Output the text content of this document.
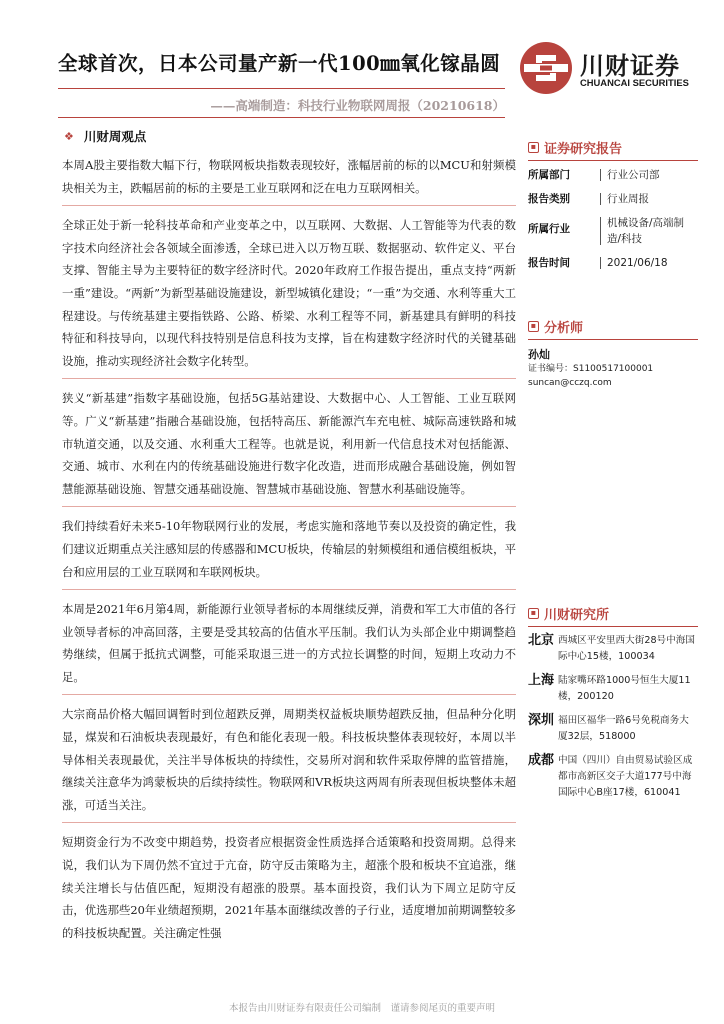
全球首次，日本公司量产新一代100㎜氧化镓晶圆	川财证券
CHUANCAI SECURITIES
——高端制造：科技行业物联网周报（20210618）
❖ 川财周观点

本周A股主要指数大幅下行，物联网板块指数表现较好，涨幅居前的标的以MCU和射频模块相关为主，跌幅居前的标的主要是工业互联网和泛在电力互联网相关。

全球正处于新一轮科技革命和产业变革之中，以互联网、大数据、人工智能等为代表的数字技术向经济社会各领域全面渗透，全球已进入以万物互联、数据驱动、软件定义、平台支撑、智能主导为主要特征的数字经济时代。2020年政府工作报告提出，重点支持“两新一重”建设。“两新”为新型基础设施建设，新型城镇化建设；“一重”为交通、水利等重大工程建设。与传统基建主要指铁路、公路、桥梁、水利工程等不同，新基建具有鲜明的科技特征和科技导向，以现代科技特别是信息科技为支撑，旨在构建数字经济时代的关键基础设施，推动实现经济社会数字化转型。

狭义“新基建”指数字基础设施，包括5G基站建设、大数据中心、人工智能、工业互联网等。广义“新基建”指融合基础设施，包括特高压、新能源汽车充电桩、城际高速铁路和城市轨道交通，以及交通、水利重大工程等。也就是说，利用新一代信息技术对包括能源、交通、城市、水利在内的传统基础设施进行数字化改造，进而形成融合基础设施，例如智慧能源基础设施、智慧交通基础设施、智慧城市基础设施、智慧水利基础设施等。

我们持续看好未来5-10年物联网行业的发展，考虑实施和落地节奏以及投资的确定性，我们建议近期重点关注感知层的传感器和MCU板块，传输层的射频模组和通信模组板块，平台和应用层的工业互联网和车联网板块。

本周是2021年6月第4周，新能源行业领导者标的本周继续反弹，消费和军工大市值的各行业领导者标的冲高回落，主要是受其较高的估值水平压制。我们认为头部企业中期调整趋势继续，但属于抵抗式调整，可能采取退三进一的方式拉长调整的时间，短期上攻动力不足。

大宗商品价格大幅回调暂时到位超跌反弹，周期类权益板块顺势超跌反抽，但品种分化明显，煤炭和石油板块表现最好，有色和能化表现一般。科技板块整体表现较好，本周以半导体相关表现最优，关注半导体板块的持续性，交易所对润和软件采取停牌的监管措施，继续关注意华为鸿蒙板块的后续持续性。物联网和VR板块这两周有所表现但板块整体未超涨，可适当关注。

短期资金行为不改变中期趋势，投资者应根据资金性质选择合适策略和投资周期。总得来说，我们认为下周仍然不宜过于亢奋，防守反击策略为主，超涨个股和板块不宜追涨，继续关注增长与估值匹配，短期没有超涨的股票。基本面投资，我们认为下周立足防守反击，优选那些20年业绩超预期，2021年基本面继续改善的子行业，适度增加前期调整较多的科技板块配置。关注确定性强

▪ 证券研究报告
所属部门	行业公司部
报告类别	行业周报
所属行业	机械设备/高端制造/科技
报告时间	2021/06/18
▪ 分析师
孙灿
证书编号：S1100517100001
suncan@cczq.com
▪ 川财研究所
北京 西城区平安里西大街28号中海国际中心15楼，100034
上海 陆家嘴环路1000号恒生大厦11楼，200120
深圳 福田区福华一路6号免税商务大厦32层，518000
成都 中国（四川）自由贸易试验区成都市高新区交子大道177号中海国际中心B座17楼，610041
本报告由川财证券有限责任公司编制　谨请参阅尾页的重要声明
